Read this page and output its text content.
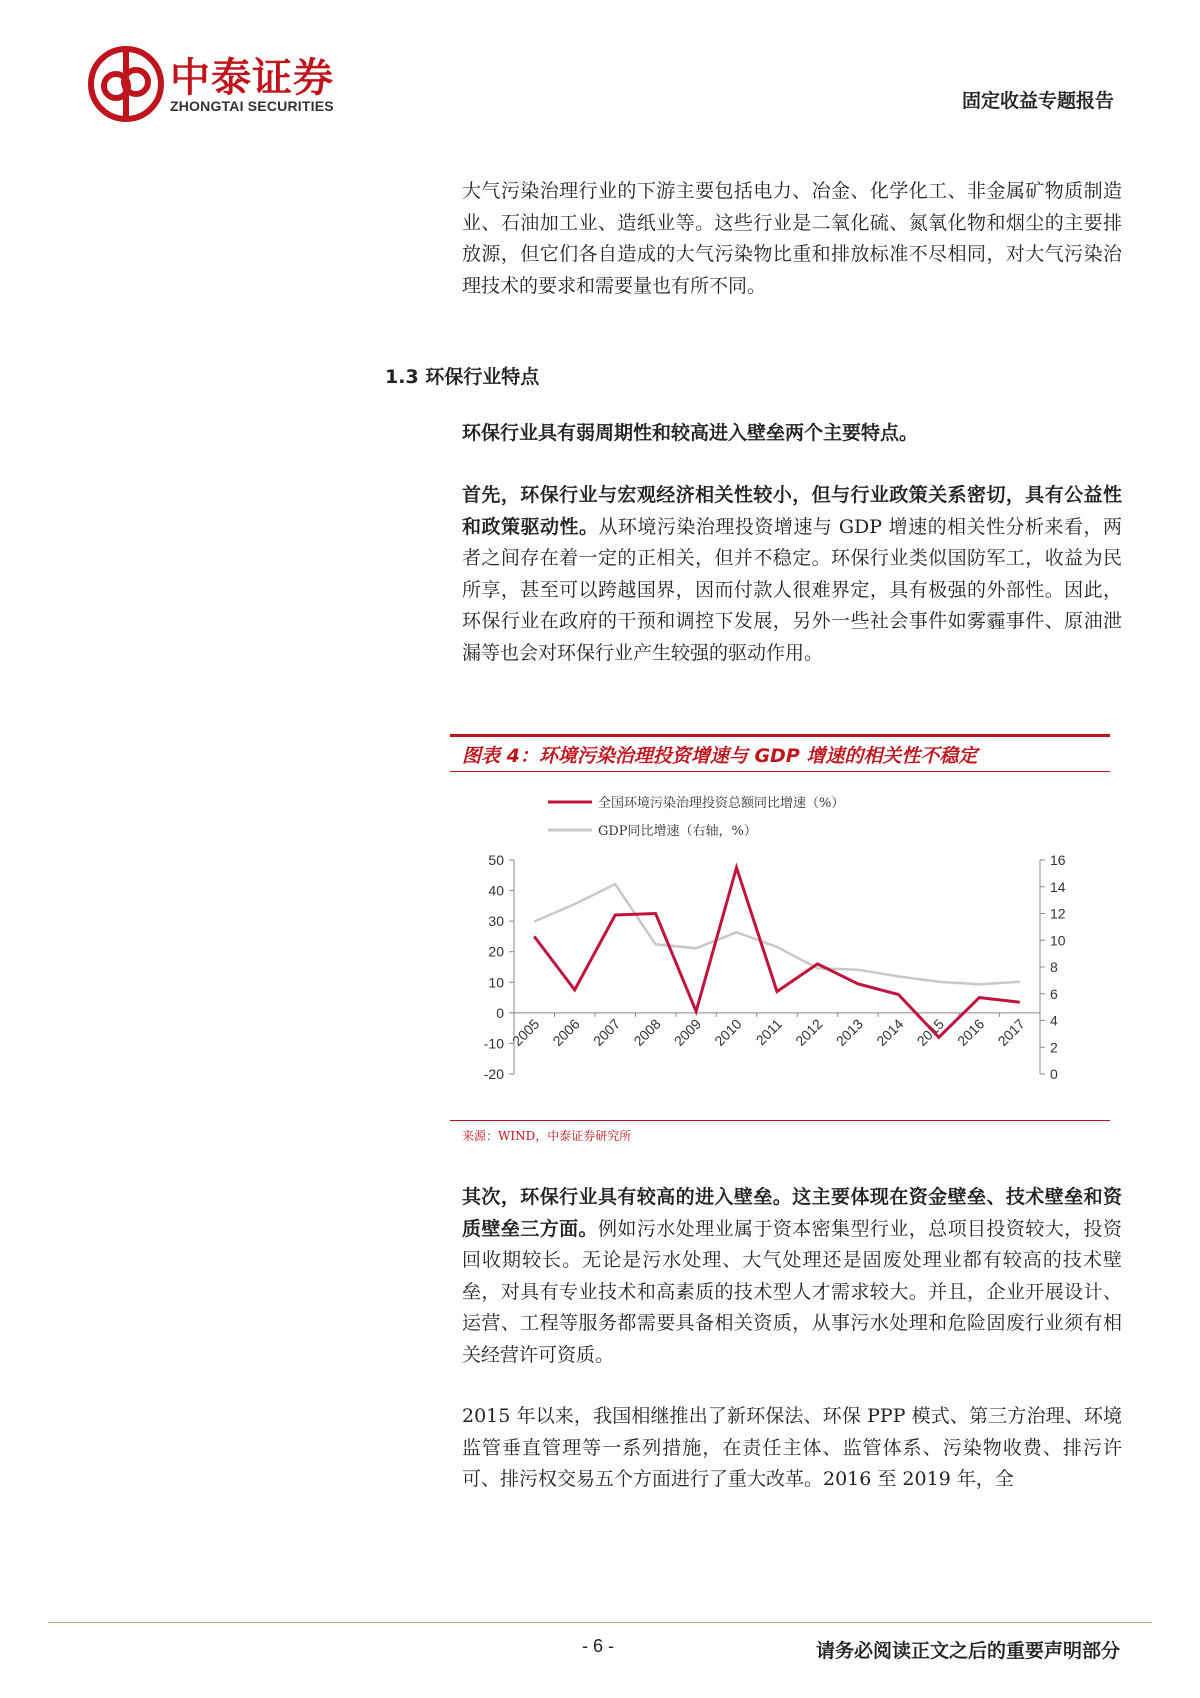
中泰证券
ZHONGTAI SECURITIES	固定收益专题报告

大气污染治理行业的下游主要包括电力、冶金、化学化工、非金属矿物质制造业、石油加工业、造纸业等。这些行业是二氧化硫、氮氧化物和烟尘的主要排放源，但它们各自造成的大气污染物比重和排放标准不尽相同，对大气污染治理技术的要求和需要量也有所不同。

1.3 环保行业特点
环保行业具有弱周期性和较高进入壁垒两个主要特点。

首先，环保行业与宏观经济相关性较小，但与行业政策关系密切，具有公益性和政策驱动性。从环境污染治理投资增速与 GDP 增速的相关性分析来看，两者之间存在着一定的正相关，但并不稳定。环保行业类似国防军工，收益为民所享，甚至可以跨越国界，因而付款人很难界定，具有极强的外部性。因此，环保行业在政府的干预和调控下发展，另外一些社会事件如雾霾事件、原油泄漏等也会对环保行业产生较强的驱动作用。

图表 4：环境污染治理投资增速与 GDP 增速的相关性不稳定
全国环境污染治理投资总额同比增速（%）
GDP同比增速（右轴，%）
-20
-10
0
10
20
30
40
50
0
2
4
6
8
10
12
14
16
2005 2006 2007 2008 2009 2010 2011 2012 2013 2014 2015 2016 2017
来源：WIND，中泰证券研究所

其次，环保行业具有较高的进入壁垒。这主要体现在资金壁垒、技术壁垒和资质壁垒三方面。例如污水处理业属于资本密集型行业，总项目投资较大，投资回收期较长。无论是污水处理、大气处理还是固废处理业都有较高的技术壁垒，对具有专业技术和高素质的技术型人才需求较大。并且，企业开展设计、运营、工程等服务都需要具备相关资质，从事污水处理和危险固废行业须有相关经营许可资质。

2015 年以来，我国相继推出了新环保法、环保 PPP 模式、第三方治理、环境监管垂直管理等一系列措施，在责任主体、监管体系、污染物收费、排污许可、排污权交易五个方面进行了重大改革。2016 至 2019 年，全

- 6 -	请务必阅读正文之后的重要声明部分
